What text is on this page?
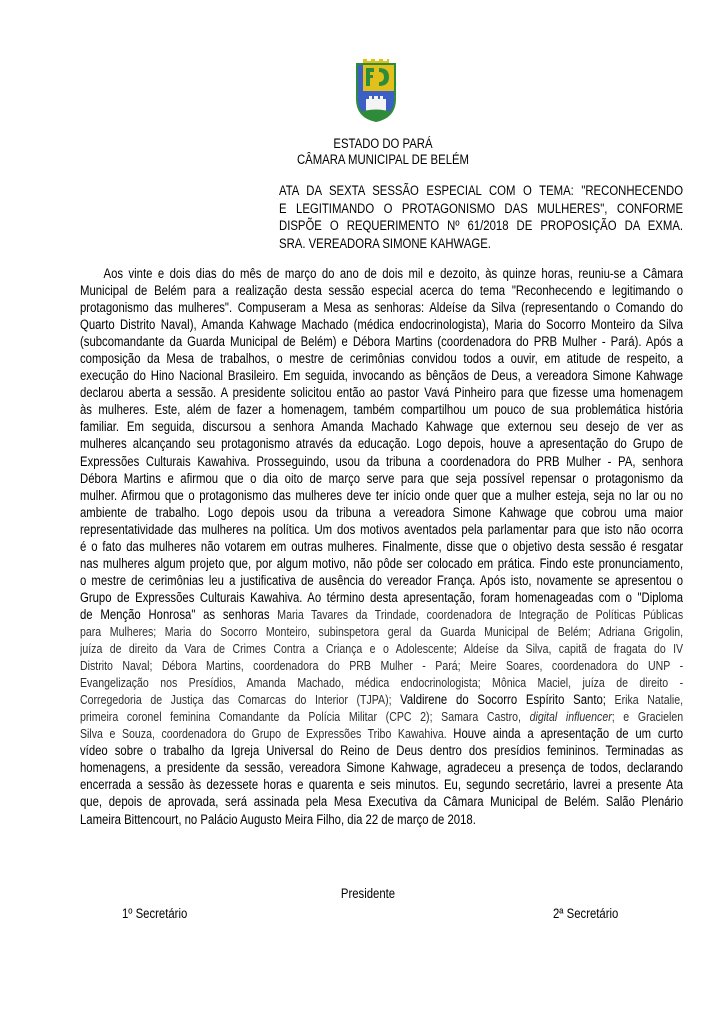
ESTADO DO PARÁ
CÂMARA MUNICIPAL DE BELÉM
ATA DA SEXTA SESSÃO ESPECIAL COM O TEMA: "RECONHECENDO
E LEGITIMANDO O PROTAGONISMO DAS MULHERES", CONFORME
DISPÕE O REQUERIMENTO Nº 61/2018 DE PROPOSIÇÃO DA EXMA.
SRA. VEREADORA SIMONE KAHWAGE.
Aos vinte e dois dias do mês de março do ano de dois mil e dezoito, às quinze horas, reuniu-se a Câmara
Municipal de Belém para a realização desta sessão especial acerca do tema "Reconhecendo e legitimando o
protagonismo das mulheres". Compuseram a Mesa as senhoras: Aldeíse da Silva (representando o Comando do
Quarto Distrito Naval), Amanda Kahwage Machado (médica endocrinologista), Maria do Socorro Monteiro da Silva
(subcomandante da Guarda Municipal de Belém) e Débora Martins (coordenadora do PRB Mulher - Pará). Após a
composição da Mesa de trabalhos, o mestre de cerimônias convidou todos a ouvir, em atitude de respeito, a
execução do Hino Nacional Brasileiro. Em seguida, invocando as bênçãos de Deus, a vereadora Simone Kahwage
declarou aberta a sessão. A presidente solicitou então ao pastor Vavá Pinheiro para que fizesse uma homenagem
às mulheres. Este, além de fazer a homenagem, também compartilhou um pouco de sua problemática história
familiar. Em seguida, discursou a senhora Amanda Machado Kahwage que externou seu desejo de ver as
mulheres alcançando seu protagonismo através da educação. Logo depois, houve a apresentação do Grupo de
Expressões Culturais Kawahiva. Prosseguindo, usou da tribuna a coordenadora do PRB Mulher - PA, senhora
Débora Martins e afirmou que o dia oito de março serve para que seja possível repensar o protagonismo da
mulher. Afirmou que o protagonismo das mulheres deve ter início onde quer que a mulher esteja, seja no lar ou no
ambiente de trabalho. Logo depois usou da tribuna a vereadora Simone Kahwage que cobrou uma maior
representatividade das mulheres na política. Um dos motivos aventados pela parlamentar para que isto não ocorra
é o fato das mulheres não votarem em outras mulheres. Finalmente, disse que o objetivo desta sessão é resgatar
nas mulheres algum projeto que, por algum motivo, não pôde ser colocado em prática. Findo este pronunciamento,
o mestre de cerimônias leu a justificativa de ausência do vereador França. Após isto, novamente se apresentou o
Grupo de Expressões Culturais Kawahiva. Ao término desta apresentação, foram homenageadas com o "Diploma
de Menção Honrosa" as senhoras Maria Tavares da Trindade, coordenadora de Integração de Políticas Públicas
para Mulheres; Maria do Socorro Monteiro, subinspetora geral da Guarda Municipal de Belém; Adriana Grigolin,
juíza de direito da Vara de Crimes Contra a Criança e o Adolescente; Aldeíse da Silva, capitã de fragata do IV
Distrito Naval; Débora Martins, coordenadora do PRB Mulher - Pará; Meire Soares, coordenadora do UNP -
Evangelização nos Presídios, Amanda Machado, médica endocrinologista; Mônica Maciel, juíza de direito -
Corregedoria de Justiça das Comarcas do Interior (TJPA); Valdirene do Socorro Espírito Santo; Erika Natalie,
primeira coronel feminina Comandante da Polícia Militar (CPC 2); Samara Castro, digital influencer; e Gracielen
Silva e Souza, coordenadora do Grupo de Expressões Tribo Kawahiva. Houve ainda a apresentação de um curto
vídeo sobre o trabalho da Igreja Universal do Reino de Deus dentro dos presídios femininos. Terminadas as
homenagens, a presidente da sessão, vereadora Simone Kahwage, agradeceu a presença de todos, declarando
encerrada a sessão às dezessete horas e quarenta e seis minutos. Eu, segundo secretário, lavrei a presente Ata
que, depois de aprovada, será assinada pela Mesa Executiva da Câmara Municipal de Belém. Salão Plenário
Lameira Bittencourt, no Palácio Augusto Meira Filho, dia 22 de março de 2018.
Presidente
1º Secretário	2ª Secretário
